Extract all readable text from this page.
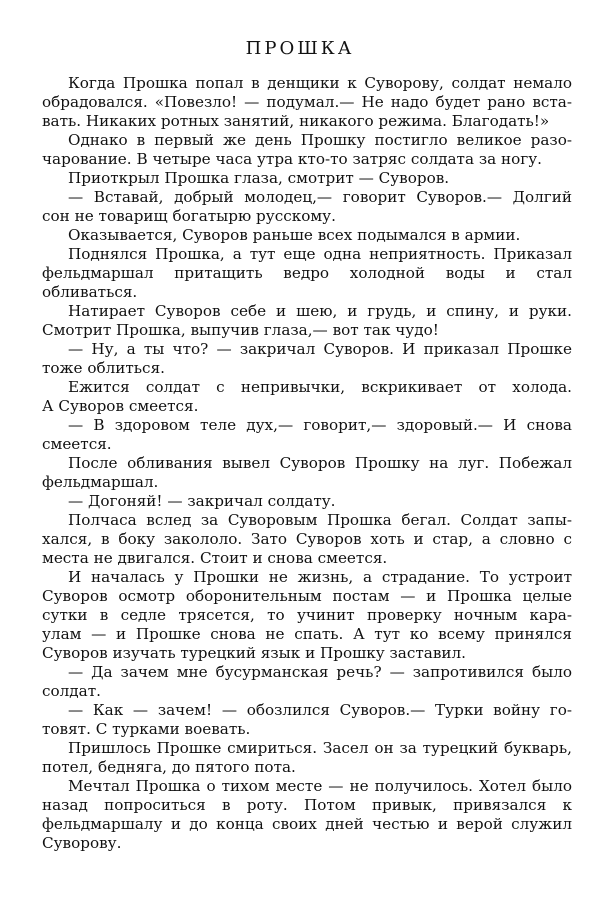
ПРОШКА
Когда Прошка попал в денщики к Суворову, солдат немало
обрадовался. «Повезло! — подумал.— Не надо будет рано вста-
вать. Никаких ротных занятий, никакого режима. Благодать!»
Однако в первый же день Прошку постигло великое разо-
чарование. В четыре часа утра кто-то затряс солдата за ногу.
Приоткрыл Прошка глаза, смотрит — Суворов.
— Вставай, добрый молодец,— говорит Суворов.— Долгий
сон не товарищ богатырю русскому.
Оказывается, Суворов раньше всех подымался в армии.
Поднялся Прошка, а тут еще одна неприятность. Приказал
фельдмаршал притащить ведро холодной воды и стал
обливаться.
Натирает Суворов себе и шею, и грудь, и спину, и руки.
Смотрит Прошка, выпучив глаза,— вот так чудо!
— Ну, а ты что? — закричал Суворов. И приказал Прошке
тоже облиться.
Ежится солдат с непривычки, вскрикивает от холода.
А Суворов смеется.
— В здоровом теле дух,— говорит,— здоровый.— И снова
смеется.
После обливания вывел Суворов Прошку на луг. Побежал
фельдмаршал.
— Догоняй! — закричал солдату.
Полчаса вслед за Суворовым Прошка бегал. Солдат запы-
хался, в боку закололо. Зато Суворов хоть и стар, а словно с
места не двигался. Стоит и снова смеется.
И началась у Прошки не жизнь, а страдание. То устроит
Суворов осмотр оборонительным постам — и Прошка целые
сутки в седле трясется, то учинит проверку ночным кара-
улам — и Прошке снова не спать. А тут ко всему принялся
Суворов изучать турецкий язык и Прошку заставил.
— Да зачем мне бусурманская речь? — запротивился было
солдат.
— Как — зачем! — обозлился Суворов.— Турки войну го-
товят. С турками воевать.
Пришлось Прошке смириться. Засел он за турецкий букварь,
потел, бедняга, до пятого пота.
Мечтал Прошка о тихом месте — не получилось. Хотел было
назад попроситься в роту. Потом привык, привязался к
фельдмаршалу и до конца своих дней честью и верой служил
Суворову.
